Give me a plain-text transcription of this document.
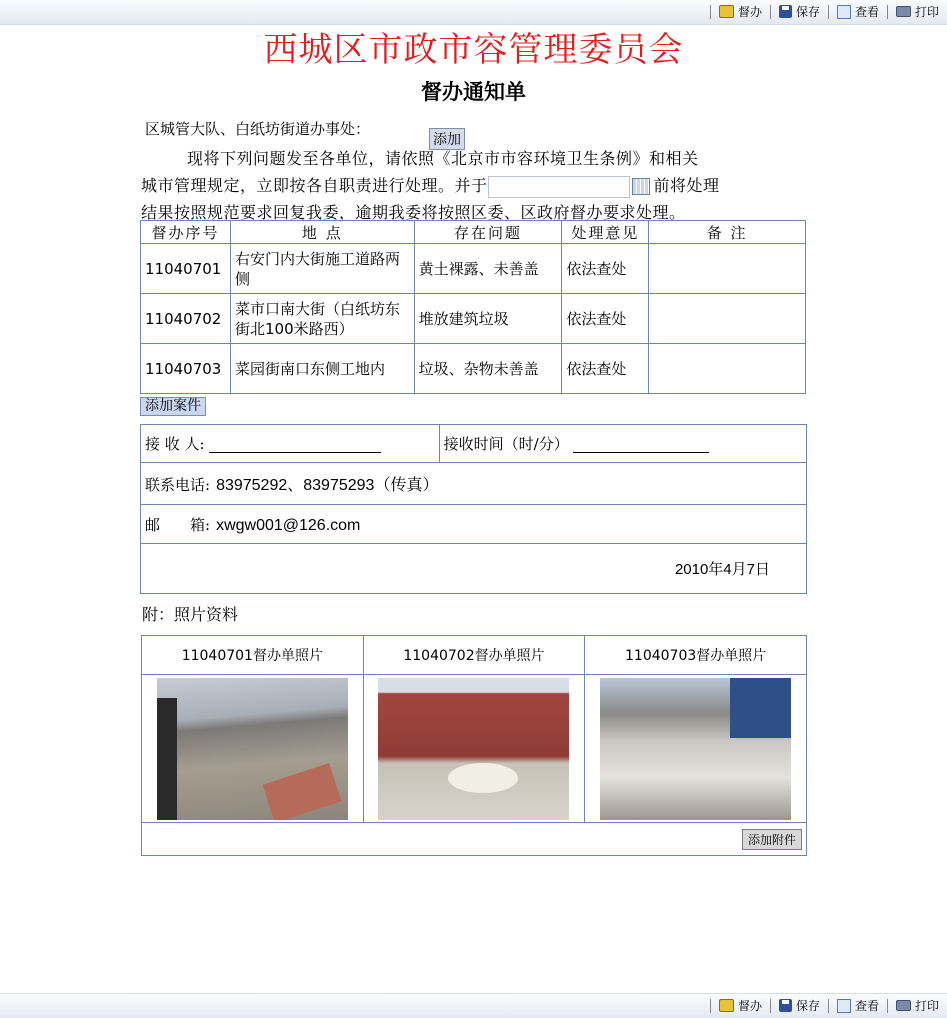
督办	保存	查看	打印
西城区市政市容管理委员会
督办通知单
区城管大队、白纸坊街道办事处：
添加
现将下列问题发至各单位，请依照《北京市市容环境卫生条例》和相关
城市管理规定，立即按各自职责进行处理。并于	前将处理
结果按照规范要求回复我委，逾期我委将按照区委、区政府督办要求处理。
督办序号	地 点	存在问题	处理意见	备 注
11040701	右安门内大街施工道路两侧	黄土裸露、未善盖	依法查处	
11040702	菜市口南大街（白纸坊东街北100米路西）	堆放建筑垃圾	依法查处	
11040703	菜园街南口东侧工地内	垃圾、杂物未善盖	依法查处	
添加案件
接 收 人:	接收时间（时/分）
联系电话: 83975292、83975293（传真）
邮　　箱: xwgw001@126.com
2010年4月7日
附：照片资料
11040701督办单照片	11040702督办单照片	11040703督办单照片

添加附件		
督办	保存	查看	打印
